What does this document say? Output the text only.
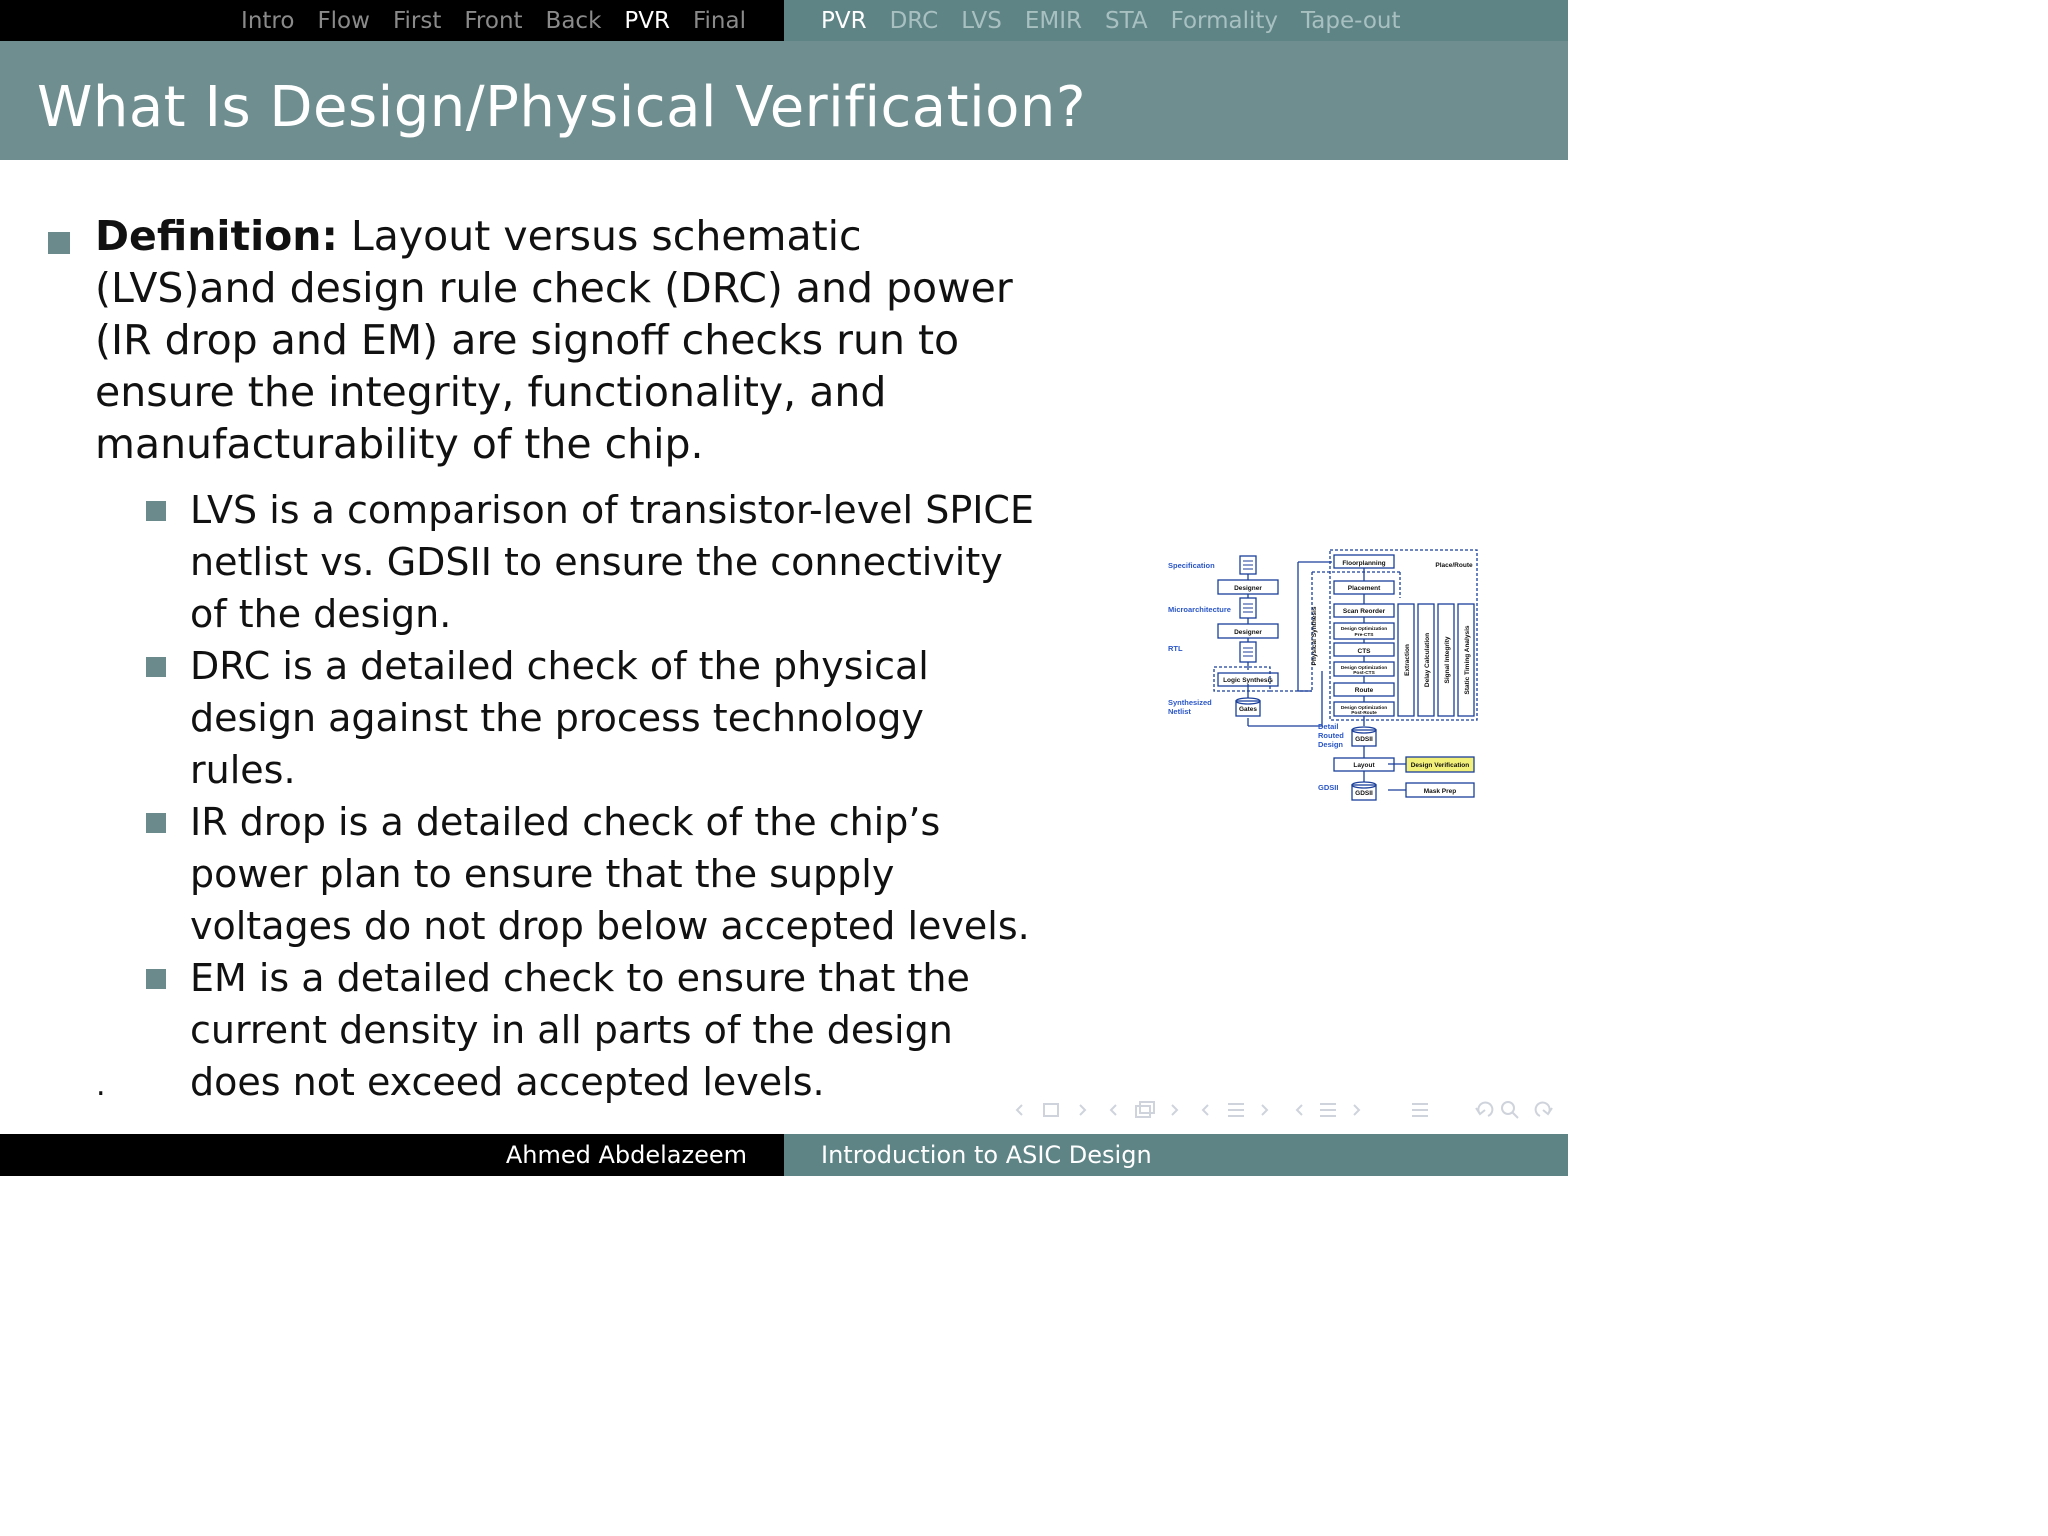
Intro Flow First Front Back PVR Final	PVR DRC LVS EMIR STA Formality Tape-out
What Is Design/Physical Verification?
Definition: Layout versus schematic (LVS)and design rule check (DRC) and power (IR drop and EM) are signoff checks run to ensure the integrity, functionality, and manufacturability of the chip.
LVS is a comparison of transistor-level SPICE netlist vs. GDSII to ensure the connectivity of the design.
DRC is a detailed check of the physical design against the process technology rules.
IR drop is a detailed check of the chip’s power plan to ensure that the supply voltages do not drop below accepted levels.
EM is a detailed check to ensure that the current density in all parts of the design does not exceed accepted levels.
.
Specification
Microarchitecture
RTL
Synthesized
Netlist
Detail
Routed
Design
GDSII
Designer
Designer
Logic Synthesis
Gates
Floorplanning
Placement
Scan Reorder
Design Optimization
Pre-CTS
CTS
Design Optimization
Post-CTS
Route
Design Optimization
Post-Route
GDSII
Layout
GDSII
Design Verification
Mask Prep
Place/Route
Physical Synthesis	Extraction Delay Calculation Signal Integrity Static Timing Analysis
Ahmed Abdelazeem	Introduction to ASIC Design
